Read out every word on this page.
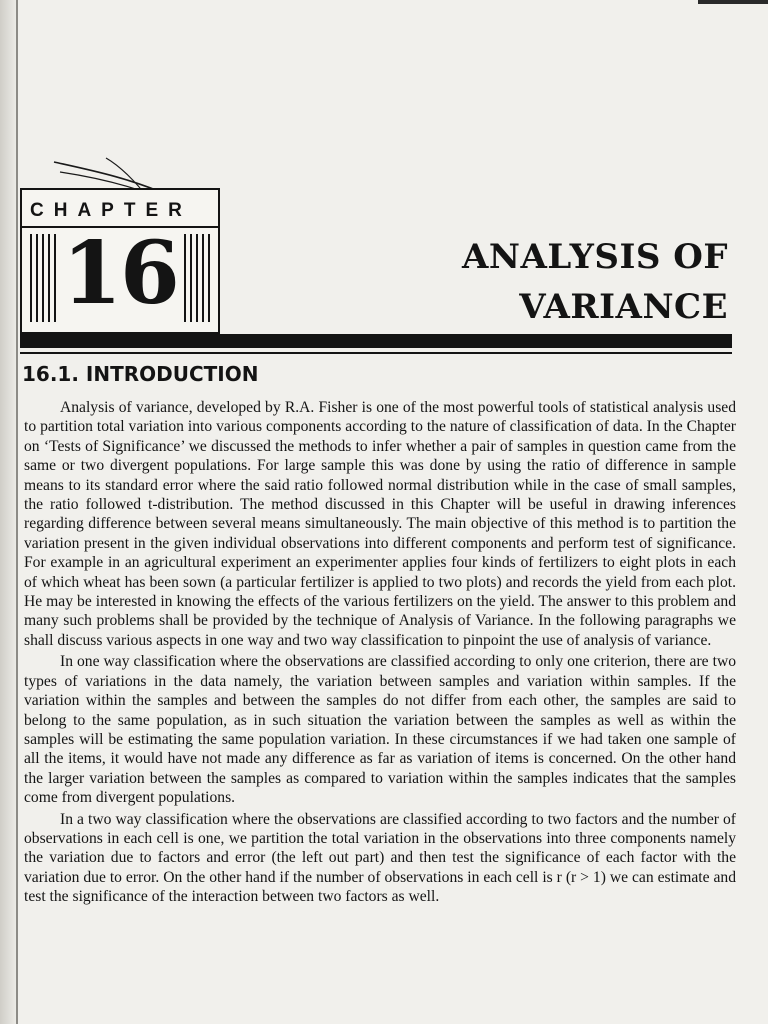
CHAPTER
16	ANALYSIS OF
VARIANCE
16.1. INTRODUCTION

Analysis of variance, developed by R.A. Fisher is one of the most powerful tools of statistical analysis used to partition total variation into various components according to the nature of classification of data. In the Chapter on ‘Tests of Significance’ we discussed the methods to infer whether a pair of samples in question came from the same or two divergent populations. For large sample this was done by using the ratio of difference in sample means to its standard error where the said ratio followed normal distribution while in the case of small samples, the ratio followed t-distribution. The method discussed in this Chapter will be useful in drawing inferences regarding difference between several means simultaneously. The main objective of this method is to partition the variation present in the given individual observations into different components and perform test of significance. For example in an agricultural experiment an experimenter applies four kinds of fertilizers to eight plots in each of which wheat has been sown (a particular fertilizer is applied to two plots) and records the yield from each plot. He may be interested in knowing the effects of the various fertilizers on the yield. The answer to this problem and many such problems shall be provided by the technique of Analysis of Variance. In the following paragraphs we shall discuss various aspects in one way and two way classification to pinpoint the use of analysis of variance.

In one way classification where the observations are classified according to only one criterion, there are two types of variations in the data namely, the variation between samples and variation within samples. If the variation within the samples and between the samples do not differ from each other, the samples are said to belong to the same population, as in such situation the variation between the samples as well as within the samples will be estimating the same population variation. In these circumstances if we had taken one sample of all the items, it would have not made any difference as far as variation of items is concerned. On the other hand the larger variation between the samples as compared to variation within the samples indicates that the samples come from divergent populations.

In a two way classification where the observations are classified according to two factors and the number of observations in each cell is one, we partition the total variation in the observations into three components namely the variation due to factors and error (the left out part) and then test the significance of each factor with the variation due to error. On the other hand if the number of observations in each cell is r (r > 1) we can estimate and test the significance of the interaction between two factors as well.
